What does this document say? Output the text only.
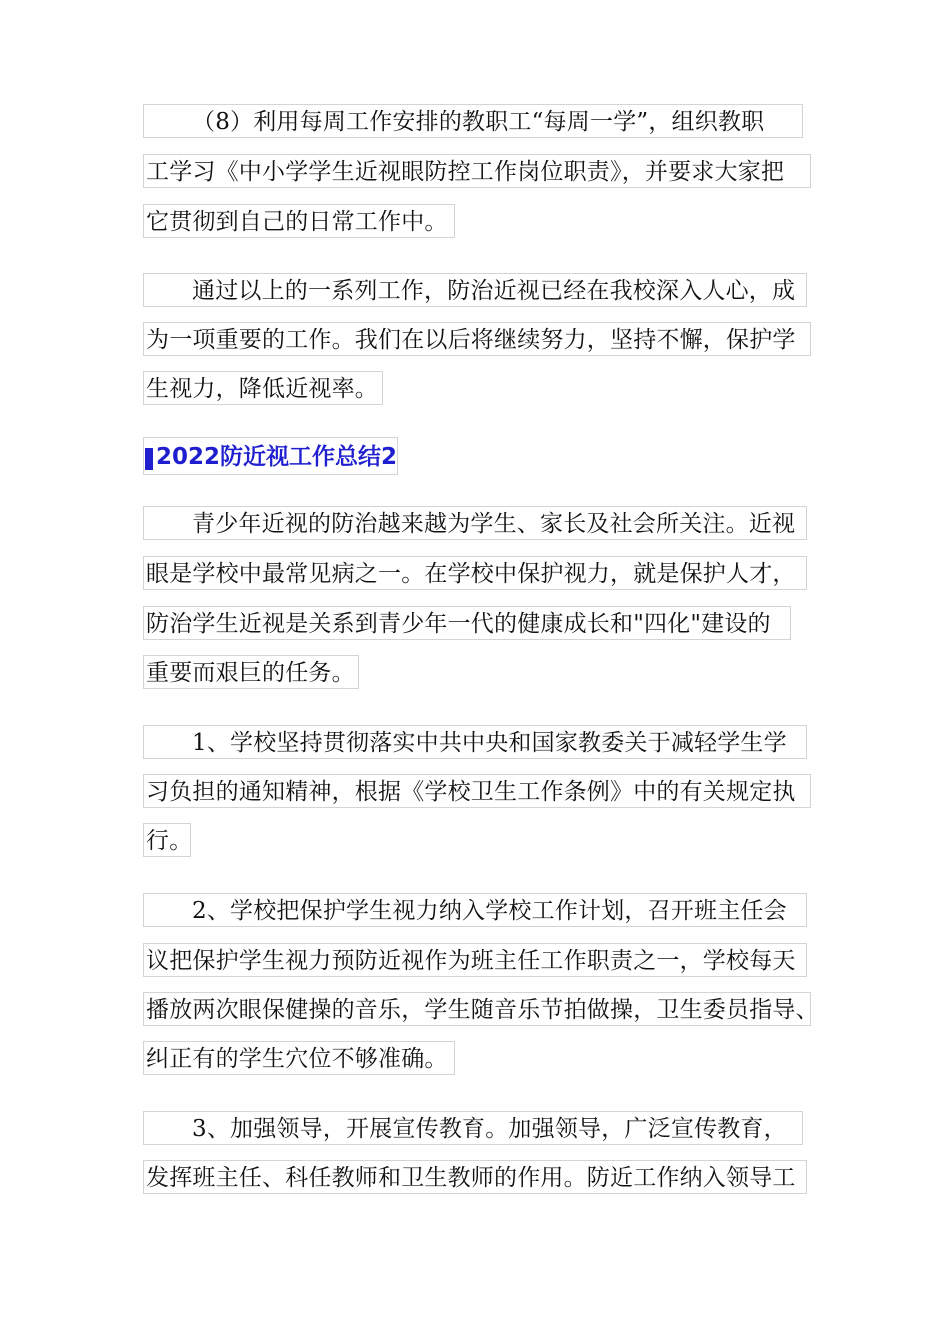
（8）利用每周工作安排的教职工“每周一学”，组织教职
工学习《中小学学生近视眼防控工作岗位职责》，并要求大家把
它贯彻到自己的日常工作中。
通过以上的一系列工作，防治近视已经在我校深入人心，成
为一项重要的工作。我们在以后将继续努力，坚持不懈，保护学
生视力，降低近视率。
2022防近视工作总结2
青少年近视的防治越来越为学生、家长及社会所关注。近视
眼是学校中最常见病之一。在学校中保护视力，就是保护人才，
防治学生近视是关系到青少年一代的健康成长和"四化"建设的
重要而艰巨的任务。
1、学校坚持贯彻落实中共中央和国家教委关于减轻学生学
习负担的通知精神，根据《学校卫生工作条例》中的有关规定执
行。
2、学校把保护学生视力纳入学校工作计划，召开班主任会
议把保护学生视力预防近视作为班主任工作职责之一，学校每天
播放两次眼保健操的音乐，学生随音乐节拍做操，卫生委员指导、
纠正有的学生穴位不够准确。
3、加强领导，开展宣传教育。加强领导，广泛宣传教育，
发挥班主任、科任教师和卫生教师的作用。防近工作纳入领导工
